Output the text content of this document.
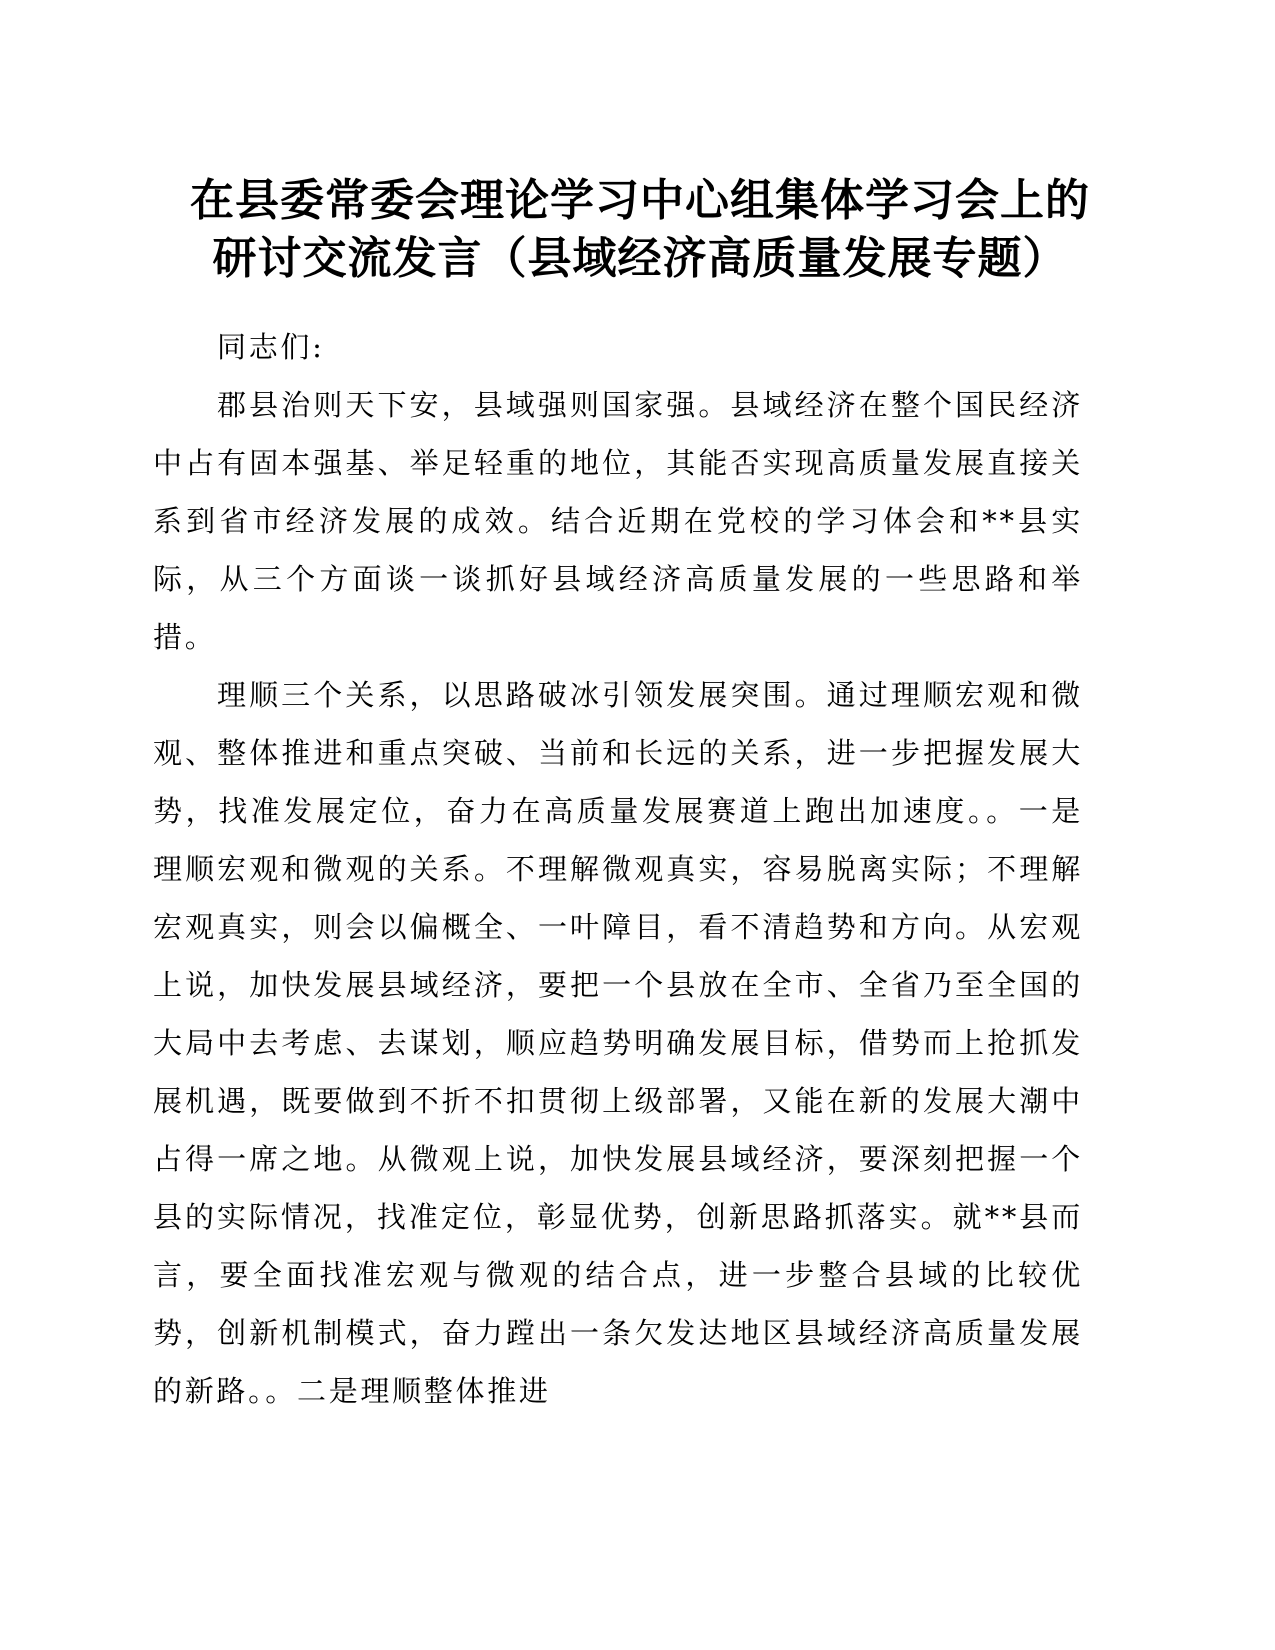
在县委常委会理论学习中心组集体学习会上的
研讨交流发言（县域经济高质量发展专题）

同志们:

郡县治则天下安，县域强则国家强。县域经济在整个国民经济中占有固本强基、举足轻重的地位，其能否实现高质量发展直接关系到省市经济发展的成效。结合近期在党校的学习体会和**县实际，从三个方面谈一谈抓好县域经济高质量发展的一些思路和举措。

理顺三个关系，以思路破冰引领发展突围。通过理顺宏观和微观、整体推进和重点突破、当前和长远的关系，进一步把握发展大势，找准发展定位，奋力在高质量发展赛道上跑出加速度。。一是理顺宏观和微观的关系。不理解微观真实，容易脱离实际；不理解宏观真实，则会以偏概全、一叶障目，看不清趋势和方向。从宏观上说，加快发展县域经济，要把一个县放在全市、全省乃至全国的大局中去考虑、去谋划，顺应趋势明确发展目标，借势而上抢抓发展机遇，既要做到不折不扣贯彻上级部署，又能在新的发展大潮中占得一席之地。从微观上说，加快发展县域经济，要深刻把握一个县的实际情况，找准定位，彰显优势，创新思路抓落实。就**县而言，要全面找准宏观与微观的结合点，进一步整合县域的比较优势，创新机制模式，奋力蹚出一条欠发达地区县域经济高质量发展的新路。。二是理顺整体推进
